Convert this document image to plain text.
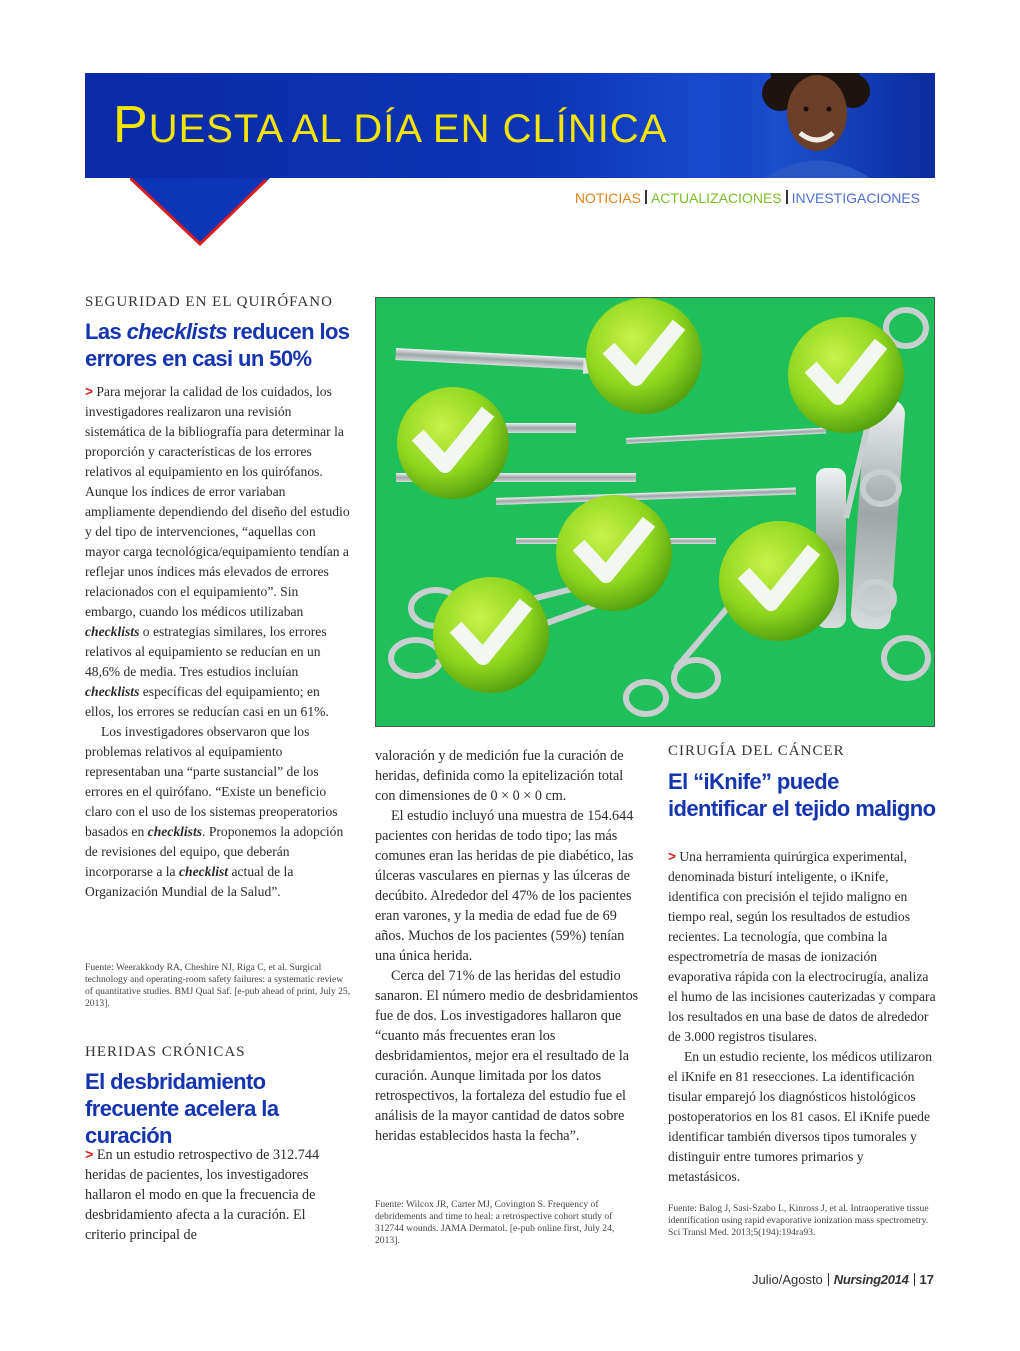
PUESTA AL DÍA EN CLÍNICA
NOTICIAS ACTUALIZACIONES INVESTIGACIONES

SEGURIDAD EN EL QUIRÓFANO

Las checklists reducen los errores en casi un 50%

> Para mejorar la calidad de los cuidados, los investigadores realizaron una revisión sistemática de la bibliografía para determinar la proporción y características de los errores relativos al equipamiento en los quirófanos. Aunque los índices de error variaban ampliamente dependiendo del diseño del estudio y del tipo de intervenciones, “aquellas con mayor carga tecnológica/equipamiento tendían a reflejar unos índices más elevados de errores relacionados con el equipamiento”. Sin embargo, cuando los médicos utilizaban checklists o estrategias similares, los errores relativos al equipamiento se reducían en un 48,6% de media. Tres estudios incluían checklists específicas del equipamiento; en ellos, los errores se reducían casi en un 61%.

Los investigadores observaron que los problemas relativos al equipamiento representaban una “parte sustancial” de los errores en el quirófano. “Existe un beneficio claro con el uso de los sistemas preoperatorios basados en checklists. Proponemos la adopción de revisiones del equipo, que deberán incorporarse a la checklist actual de la Organización Mundial de la Salud”.

Fuente: Weerakkody RA, Cheshire NJ, Riga C, et al. Surgical technology and operating-room safety failures: a systematic review of quantitative studies. BMJ Qual Saf. [e-pub ahead of print, July 25, 2013].

HERIDAS CRÓNICAS

El desbridamiento frecuente acelera la curación

> En un estudio retrospectivo de 312.744 heridas de pacientes, los investigadores hallaron el modo en que la frecuencia de desbridamiento afecta a la curación. El criterio principal de

valoración y de medición fue la curación de heridas, definida como la epitelización total con dimensiones de 0 × 0 × 0 cm.

El estudio incluyó una muestra de 154.644 pacientes con heridas de todo tipo; las más comunes eran las heridas de pie diabético, las úlceras vasculares en piernas y las úlceras de decúbito. Alrededor del 47% de los pacientes eran varones, y la media de edad fue de 69 años. Muchos de los pacientes (59%) tenían una única herida.

Cerca del 71% de las heridas del estudio sanaron. El número medio de desbridamientos fue de dos. Los investigadores hallaron que “cuanto más frecuentes eran los desbridamientos, mejor era el resultado de la curación. Aunque limitada por los datos retrospectivos, la fortaleza del estudio fue el análisis de la mayor cantidad de datos sobre heridas establecidos hasta la fecha”.

Fuente: Wilcox JR, Carter MJ, Covington S. Frequency of debridements and time to heal: a retrospective cohort study of 312744 wounds. JAMA Dermatol. [e-pub online first, July 24, 2013].

CIRUGÍA DEL CÁNCER

El “iKnife” puede identificar el tejido maligno

> Una herramienta quirúrgica experimental, denominada bisturí inteligente, o iKnife, identifica con precisión el tejido maligno en tiempo real, según los resultados de estudios recientes. La tecnología, que combina la espectrometría de masas de ionización evaporativa rápida con la electrocirugía, analiza el humo de las incisiones cauterizadas y compara los resultados en una base de datos de alrededor de 3.000 registros tisulares.

En un estudio reciente, los médicos utilizaron el iKnife en 81 resecciones. La identificación tisular emparejó los diagnósticos histológicos postoperatorios en los 81 casos. El iKnife puede identificar también diversos tipos tumorales y distinguir entre tumores primarios y metastásicos.

Fuente: Balog J, Sasi-Szabo L, Kinross J, et al. Intraoperative tissue identification using rapid evaporative ionization mass spectrometry. Sci Transl Med. 2013;5(194):194ra93.

Julio/Agosto Nursing2014 17
